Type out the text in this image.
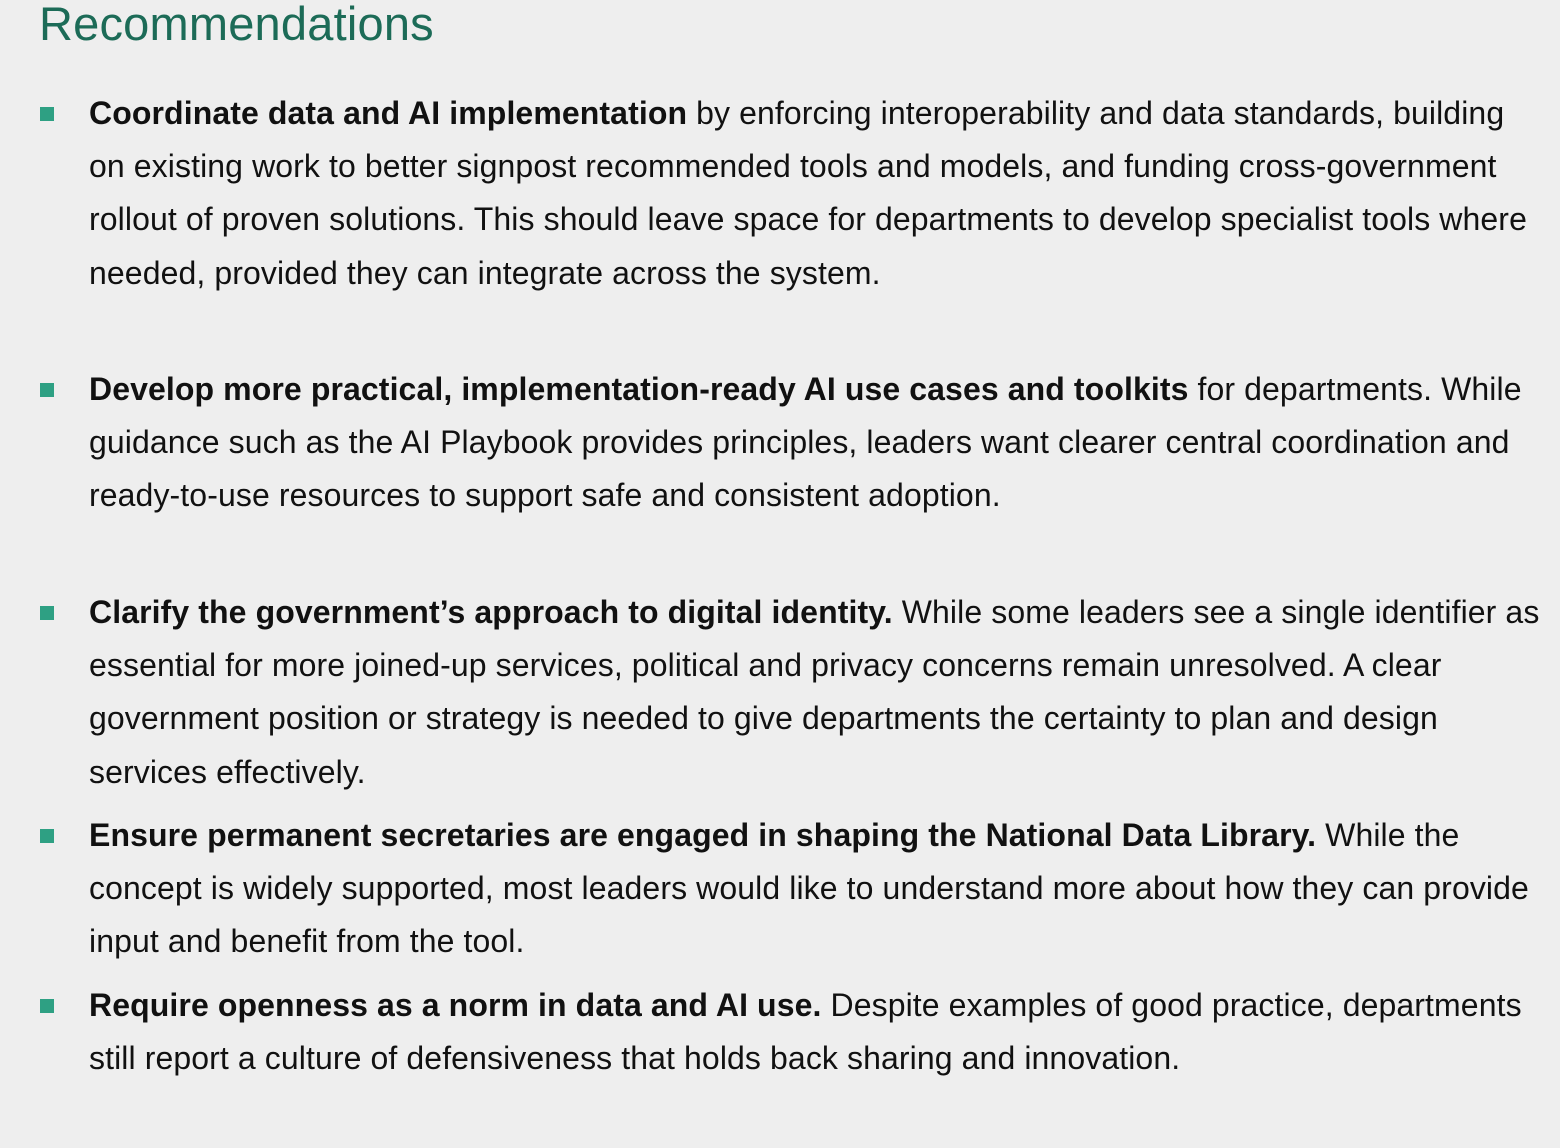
Recommendations

Coordinate data and AI implementation by enforcing interoperability and data standards, building on existing work to better signpost recommended tools and models, and funding cross-government rollout of proven solutions. This should leave space for departments to develop specialist tools where needed, provided they can integrate across the system.

Develop more practical, implementation-ready AI use cases and toolkits for departments. While guidance such as the AI Playbook provides principles, leaders want clearer central coordination and ready-to-use resources to support safe and consistent adoption.

Clarify the government’s approach to digital identity. While some leaders see a single identifier as essential for more joined-up services, political and privacy concerns remain unresolved. A clear government position or strategy is needed to give departments the certainty to plan and design services effectively.

Ensure permanent secretaries are engaged in shaping the National Data Library. While the concept is widely supported, most leaders would like to understand more about how they can provide input and benefit from the tool.

Require openness as a norm in data and AI use. Despite examples of good practice, departments still report a culture of defensiveness that holds back sharing and innovation.
